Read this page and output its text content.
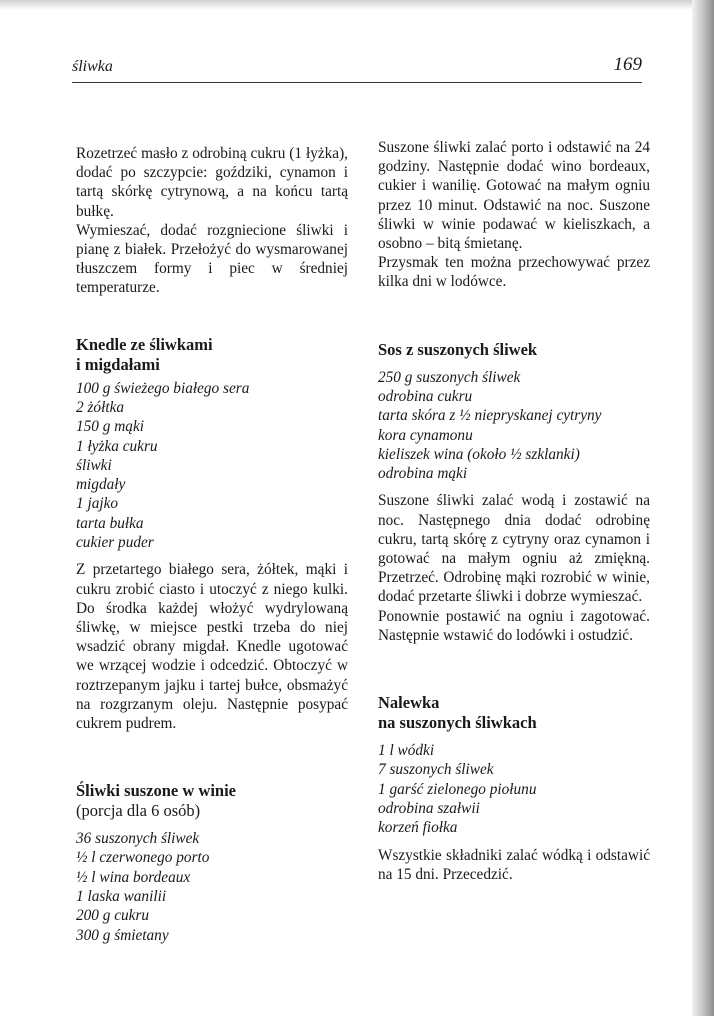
śliwka	169

Rozetrzeć masło z odrobiną cukru (1 łyżka), dodać po szczypcie: goździki, cynamon i tartą skórkę cytrynową, a na końcu tartą bułkę.

Wymieszać, dodać rozgniecione śliwki i pianę z białek. Przełożyć do wysmarowanej tłuszczem formy i piec w średniej temperaturze.

Knedle ze śliwkami

i migdałami

100 g świeżego białego sera

2 żółtka

150 g mąki

1 łyżka cukru

śliwki

migdały

1 jajko

tarta bułka

cukier puder

Z przetartego białego sera, żółtek, mąki i cukru zrobić ciasto i utoczyć z niego kulki. Do środka każdej włożyć wydrylowaną śliwkę, w miejsce pestki trzeba do niej wsadzić obrany migdał. Knedle ugotować we wrzącej wodzie i odcedzić. Obtoczyć w roztrzepanym jajku i tartej bułce, obsmażyć na rozgrzanym oleju. Następnie posypać cukrem pudrem.

Śliwki suszone w winie

(porcja dla 6 osób)

36 suszonych śliwek

½ l czerwonego porto

½ l wina bordeaux

1 laska wanilii

200 g cukru

300 g śmietany

Suszone śliwki zalać porto i odstawić na 24 godziny. Następnie dodać wino bordeaux, cukier i wanilię. Gotować na małym ogniu przez 10 minut. Odstawić na noc. Suszone śliwki w winie podawać w kieliszkach, a osobno – bitą śmietanę.

Przysmak ten można przechowywać przez kilka dni w lodówce.

Sos z suszonych śliwek

250 g suszonych śliwek

odrobina cukru

tarta skóra z ½ niepryskanej cytryny

kora cynamonu

kieliszek wina (około ½ szklanki)

odrobina mąki

Suszone śliwki zalać wodą i zostawić na noc. Następnego dnia dodać odrobinę cukru, tartą skórę z cytryny oraz cynamon i gotować na małym ogniu aż zmiękną. Przetrzeć. Odrobinę mąki rozrobić w winie, dodać przetarte śliwki i dobrze wymieszać.

Ponownie postawić na ogniu i zagotować. Następnie wstawić do lodówki i ostudzić.

Nalewka

na suszonych śliwkach

1 l wódki

7 suszonych śliwek

1 garść zielonego piołunu

odrobina szałwii

korzeń fiołka

Wszystkie składniki zalać wódką i odstawić na 15 dni. Przecedzić.
